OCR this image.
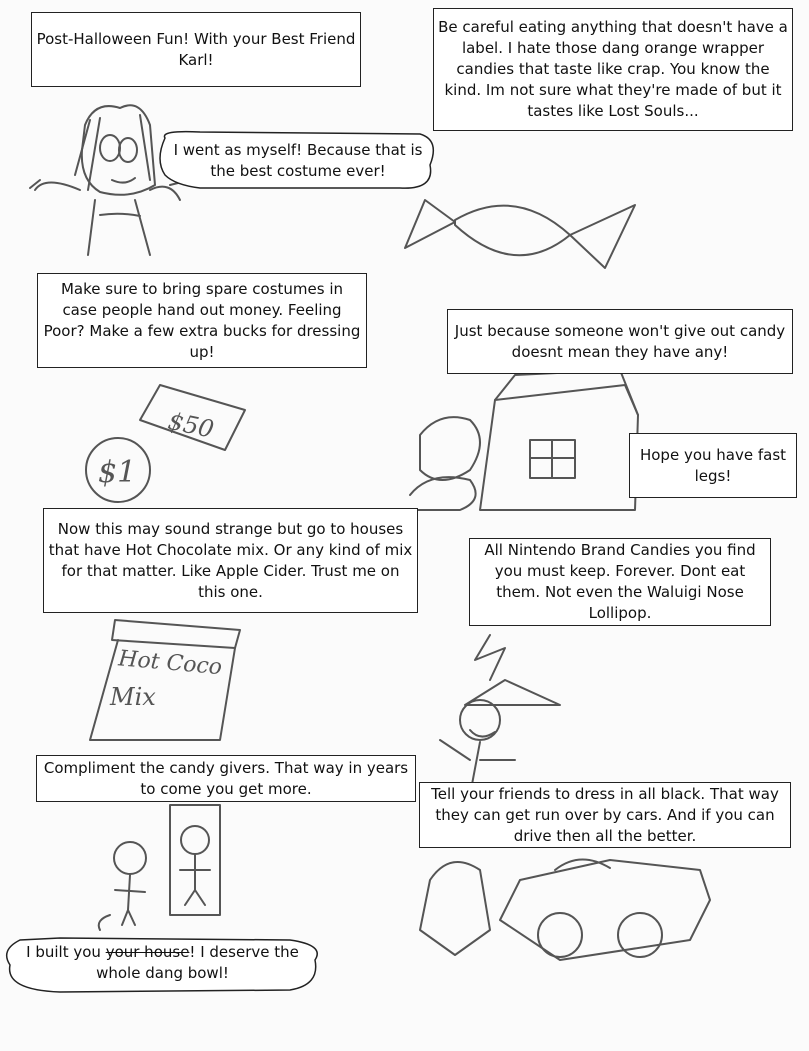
$50
$1
Hot Coco
Mix
Post-Halloween Fun! With your Best Friend Karl!
Be careful eating anything that doesn't have a label. I hate those dang orange wrapper candies that taste like crap. You know the kind. Im not sure what they're made of but it tastes like Lost Souls...
I went as myself! Because that is the best costume ever!
Make sure to bring spare costumes in case people hand out money. Feeling Poor? Make a few extra bucks for dressing up!
Just because someone won't give out candy doesnt mean they have any!
Hope you have fast legs!
Now this may sound strange but go to houses that have Hot Chocolate mix. Or any kind of mix for that matter. Like Apple Cider. Trust me on this one.
All Nintendo Brand Candies you find you must keep. Forever. Dont eat them. Not even the Waluigi Nose Lollipop.
Compliment the candy givers. That way in years to come you get more.	Tell your friends to dress in all black. That way they can get run over by cars. And if you can drive then all the better.
I built you your house! I deserve the whole dang bowl!
